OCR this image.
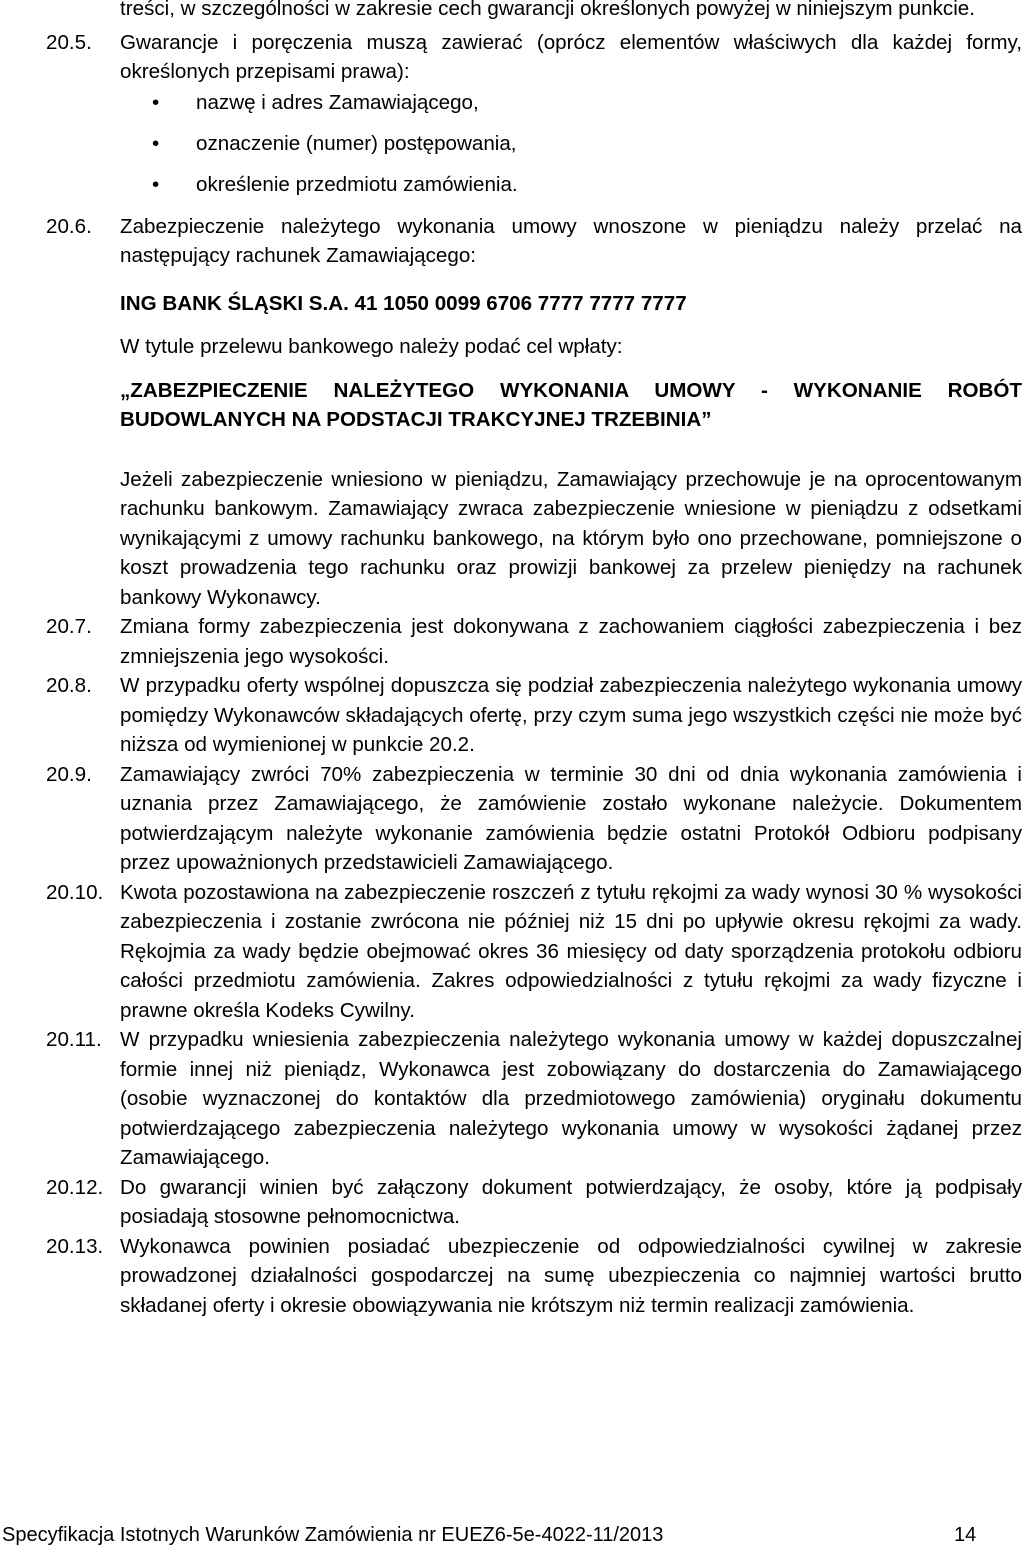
treści, w szczególności w zakresie cech gwarancji określonych powyżej w niniejszym punkcie.
20.5.	Gwarancje i poręczenia muszą zawierać (oprócz elementów właściwych dla każdej formy, określonych przepisami prawa):
• nazwę i adres Zamawiającego,
• oznaczenie (numer) postępowania,
• określenie przedmiotu zamówienia.
20.6.	Zabezpieczenie należytego wykonania umowy wnoszone w pieniądzu należy przelać na następujący rachunek Zamawiającego:
ING BANK ŚLĄSKI S.A. 41 1050 0099 6706 7777 7777 7777
W tytule przelewu bankowego należy podać cel wpłaty:
„ZABEZPIECZENIE NALEŻYTEGO WYKONANIA UMOWY - WYKONANIE ROBÓT BUDOWLANYCH NA PODSTACJI TRAKCYJNEJ TRZEBINIA”
Jeżeli zabezpieczenie wniesiono w pieniądzu, Zamawiający przechowuje je na oprocentowanym rachunku bankowym. Zamawiający zwraca zabezpieczenie wniesione w pieniądzu z odsetkami wynikającymi z umowy rachunku bankowego, na którym było ono przechowane, pomniejszone o koszt prowadzenia tego rachunku oraz prowizji bankowej za przelew pieniędzy na rachunek bankowy Wykonawcy.
20.7.	Zmiana formy zabezpieczenia jest dokonywana z zachowaniem ciągłości zabezpieczenia i bez zmniejszenia jego wysokości.
20.8.	W przypadku oferty wspólnej dopuszcza się podział zabezpieczenia należytego wykonania umowy pomiędzy Wykonawców składających ofertę, przy czym suma jego wszystkich części nie może być niższa od wymienionej w punkcie 20.2.
20.9.	Zamawiający zwróci 70% zabezpieczenia w terminie 30 dni od dnia wykonania zamówienia i uznania przez Zamawiającego, że zamówienie zostało wykonane należycie. Dokumentem potwierdzającym należyte wykonanie zamówienia będzie ostatni Protokół Odbioru podpisany przez upoważnionych przedstawicieli Zamawiającego.
20.10. Kwota pozostawiona na zabezpieczenie roszczeń z tytułu rękojmi za wady wynosi 30 % wysokości zabezpieczenia i zostanie zwrócona nie później niż 15 dni po upływie okresu rękojmi za wady. Rękojmia za wady będzie obejmować okres 36 miesięcy od daty sporządzenia protokołu odbioru całości przedmiotu zamówienia. Zakres odpowiedzialności z tytułu rękojmi za wady fizyczne i prawne określa Kodeks Cywilny.
20.11. W przypadku wniesienia zabezpieczenia należytego wykonania umowy w każdej dopuszczalnej formie innej niż pieniądz, Wykonawca jest zobowiązany do dostarczenia do Zamawiającego (osobie wyznaczonej do kontaktów dla przedmiotowego zamówienia) oryginału dokumentu potwierdzającego zabezpieczenia należytego wykonania umowy w wysokości żądanej przez Zamawiającego.
20.12. Do gwarancji winien być załączony dokument potwierdzający, że osoby, które ją podpisały posiadają stosowne pełnomocnictwa.
20.13. Wykonawca powinien posiadać ubezpieczenie od odpowiedzialności cywilnej w zakresie prowadzonej działalności gospodarczej na sumę ubezpieczenia co najmniej wartości brutto składanej oferty i okresie obowiązywania nie krótszym niż termin realizacji zamówienia.
Specyfikacja Istotnych Warunków Zamówienia nr EUEZ6-5e-4022-11/2013	14
